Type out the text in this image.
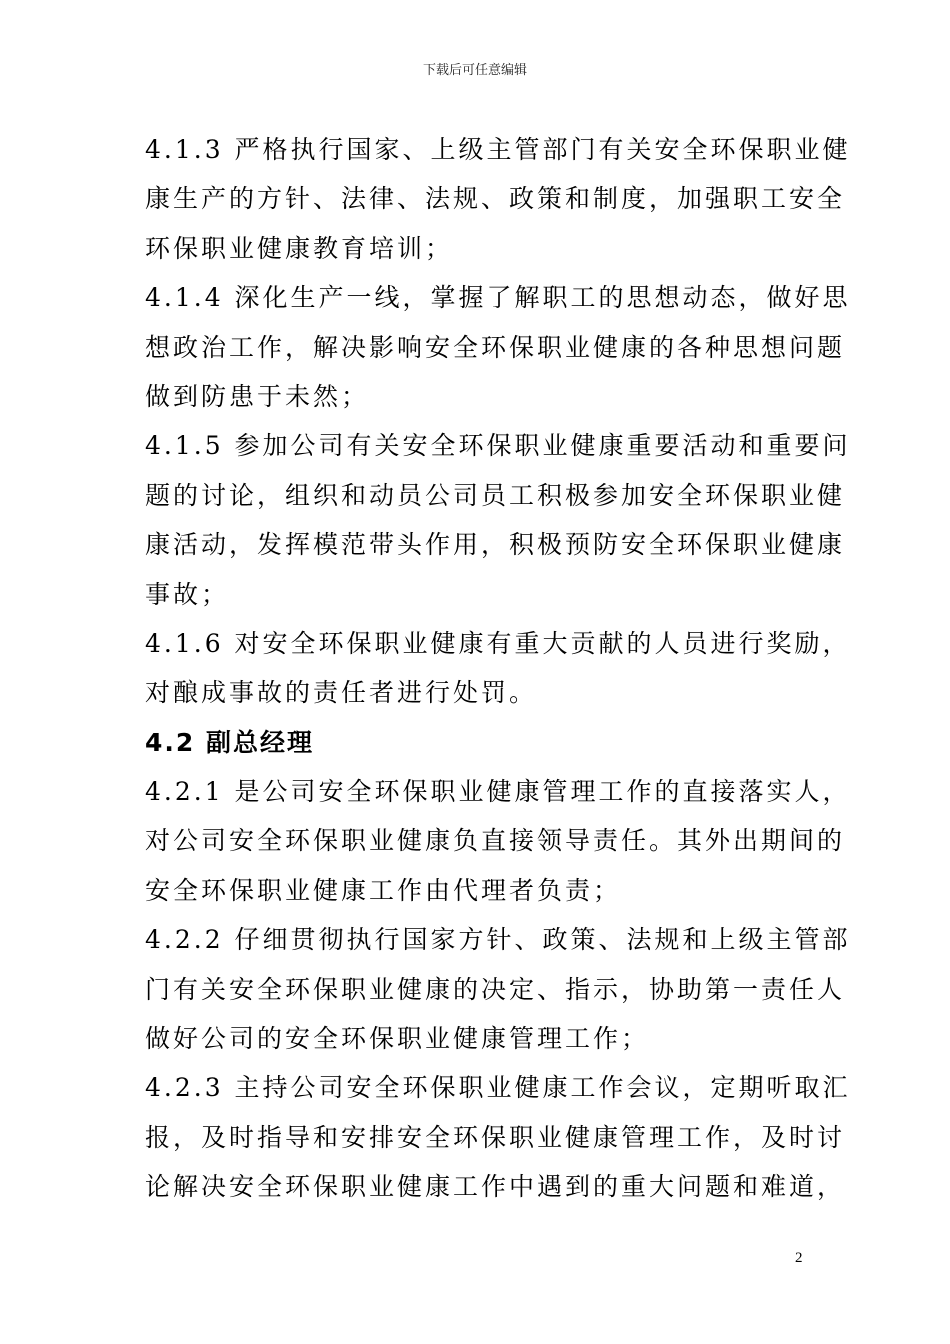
下载后可任意编辑
4.1.3 严格执行国家、上级主管部门有关安全环保职业健
康生产的方针、法律、法规、政策和制度，加强职工安全
环保职业健康教育培训；
4.1.4 深化生产一线，掌握了解职工的思想动态，做好思
想政治工作，解决影响安全环保职业健康的各种思想问题
做到防患于未然；
4.1.5 参加公司有关安全环保职业健康重要活动和重要问
题的讨论，组织和动员公司员工积极参加安全环保职业健
康活动，发挥模范带头作用，积极预防安全环保职业健康
事故；
4.1.6 对安全环保职业健康有重大贡献的人员进行奖励，
对酿成事故的责任者进行处罚。
4.2 副总经理
4.2.1 是公司安全环保职业健康管理工作的直接落实人，
对公司安全环保职业健康负直接领导责任。其外出期间的
安全环保职业健康工作由代理者负责；
4.2.2 仔细贯彻执行国家方针、政策、法规和上级主管部
门有关安全环保职业健康的决定、指示，协助第一责任人
做好公司的安全环保职业健康管理工作；
4.2.3 主持公司安全环保职业健康工作会议，定期听取汇
报，及时指导和安排安全环保职业健康管理工作，及时讨
论解决安全环保职业健康工作中遇到的重大问题和难道，
2
